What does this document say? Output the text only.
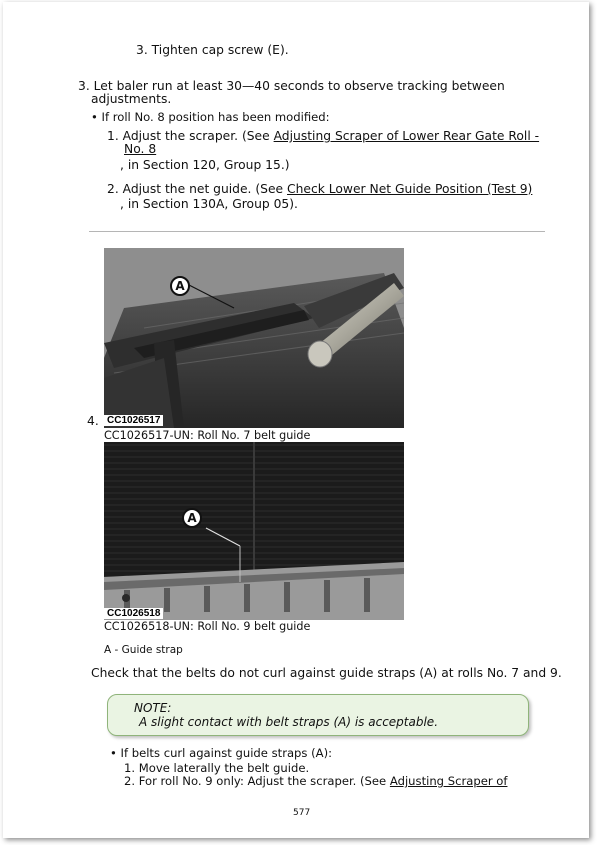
3. Tighten cap screw (E).
3. Let baler run at least 30—40 seconds to observe tracking between
adjustments.
• If roll No. 8 position has been modified:
1. Adjust the scraper. (See Adjusting Scraper of Lower Rear Gate Roll -
No. 8
, in Section 120, Group 15.)
2. Adjust the net guide. (See Check Lower Net Guide Position (Test 9)
, in Section 130A, Group 05).
A
CC1026517
4.
CC1026517-UN: Roll No. 7 belt guide
A
CC1026518
CC1026518-UN: Roll No. 9 belt guide
A - Guide strap
Check that the belts do not curl against guide straps (A) at rolls No. 7 and 9.
NOTE:
A slight contact with belt straps (A) is acceptable.
• If belts curl against guide straps (A):
1. Move laterally the belt guide.
2. For roll No. 9 only: Adjust the scraper. (See Adjusting Scraper of
577
